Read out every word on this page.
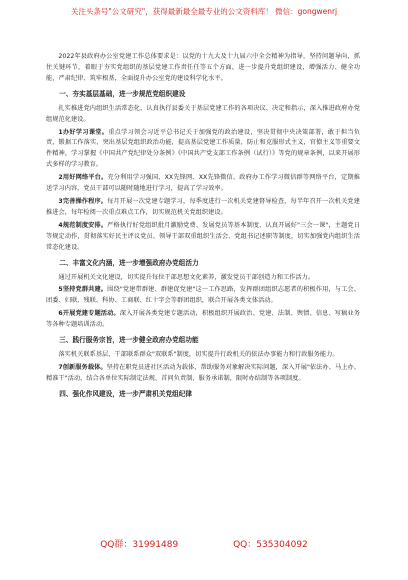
关注头条号"公文研究"，获得最新最全最专业的公文资料库！ 微信：gongwenrj

2022年县政府办公室党建工作总体要求是：以党的十九大及十九届六中全会精神为指导，坚持问题导向，抓住关键环节，着眼于夯实党组织的基层党建工作责任任等五个方面，进一步提升党组织建设，增强活力、健全功能，严肃纪律、筑牢根基，全面提升办公室党的建设科学化水平。

一、夯实基层基础，进一步规范党组织建设

扎实推进党内组织生活常态化，认真执行县委关于基层党建工作的各项决议、决定和指示，深入推进政府办党组规范化建设。

1办好学习课堂。重点学习领会习近平总书记关于加强党的政治建设，坚决贯彻中央决策部署，敢于担当负责，锻据工作落实，突出基层党组织政治功能，提高基层党建工作质量，防止和克服形式主义，官僚主义等重要文件精神，学习掌握《中国共产党纪律处分条例》《中国共产党支部工作条例（试行）》等党的规章条例，以来开展形式多样的学习教育。

2用好网络平台。充分利用学习强国、XX先锋网、XX先锋微信、政府办工作学习微信群等网络平台，定期推送学习内容，党员干部可以随时随地进行学习，提高了学习效率。

3完善操作程序。每月开展一次党建专题学习，每季度进行一次机关党建督导检查，每半年召开一次机关党建推进会，每年检阅一次重点难点工作，切实规范机关党组织建设。

4规范制度安排。严格执行好党组织批月激励党费、发展党员等基本制度，认真开展好"三会一课"，主题党日等规定动作，贯彻落实好民主评议党员、领导干部双重组织生活会、党组书记述职等制度，切实加强党内组织生活常态化建设。

二、丰富文化内涵，进一步增强政府办党组活力

通过开展机关文化建设，切实提升每位干部思想文化素养，激发党员干部创造力和工作活力。

5坚持党群共建。围绕"党建带群建、群建促党建"这一工作思路，发挥群团组织志愿者的积极作用，与工会、团委、妇联、残联、科协、工商联、红十字会等群团组织，联合开展各类文体活动。

6开展党建专题活动。深入开展各类党建专题活动，积极组织开展政治、党建、法制、舆情、信息、写稿业务等各种专题培训活动。

三、践行服务宗旨，进一步健全政府办党组功能

落实机关联系基层、干部联系群众"双联系"制度，切实提升行政机关的依法办事能力和行政服务能力。

7创新服务载体。坚持在职党员进社区活动为载体，帮助服务对象解决实际问题，深入开展"依法办、马上办、精准干"活动，结合各单位实际制定法规、首问负责制，服务承诺制，限时办结制等各项制度。

四、强化作风建设，进一步严肃机关党组纪律
QQ群：31991489	QQ：535304092
